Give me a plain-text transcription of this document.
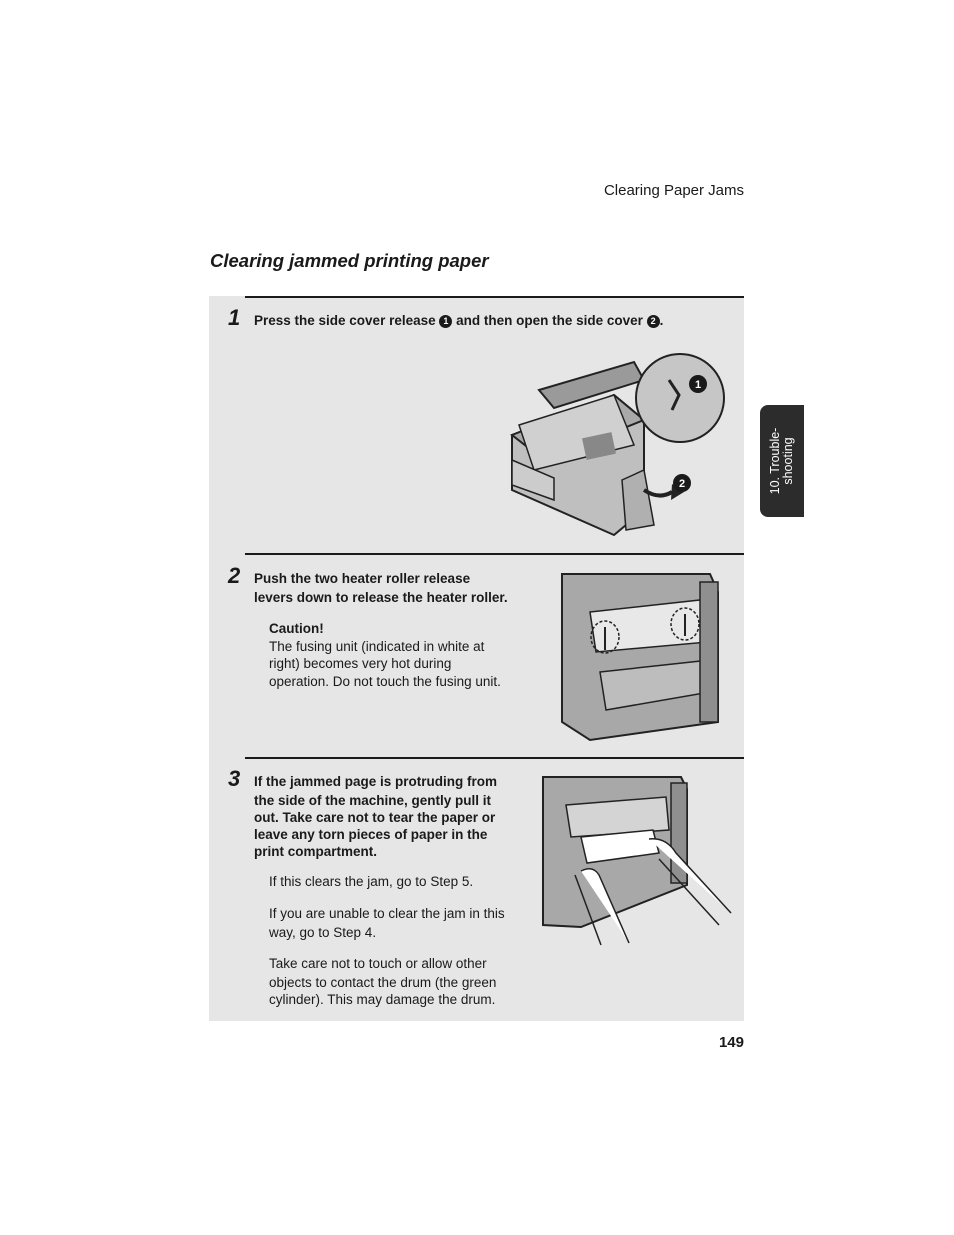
Clearing Paper Jams
Clearing jammed printing paper
10. Trouble- shooting
1 Press the side cover release 1 and then open the side cover 2 .
1
2
2 Push the two heater roller release
levers down to release the heater roller.
Caution!
The fusing unit (indicated in white at
right) becomes very hot during
operation. Do not touch the fusing unit.
3 If the jammed page is protruding from
the side of the machine, gently pull it
out. Take care not to tear the paper or
leave any torn pieces of paper in the
print compartment.
If this clears the jam, go to Step 5.
If you are unable to clear the jam in this
way, go to Step 4.
Take care not to touch or allow other
objects to contact the drum (the green
cylinder). This may damage the drum.
149
